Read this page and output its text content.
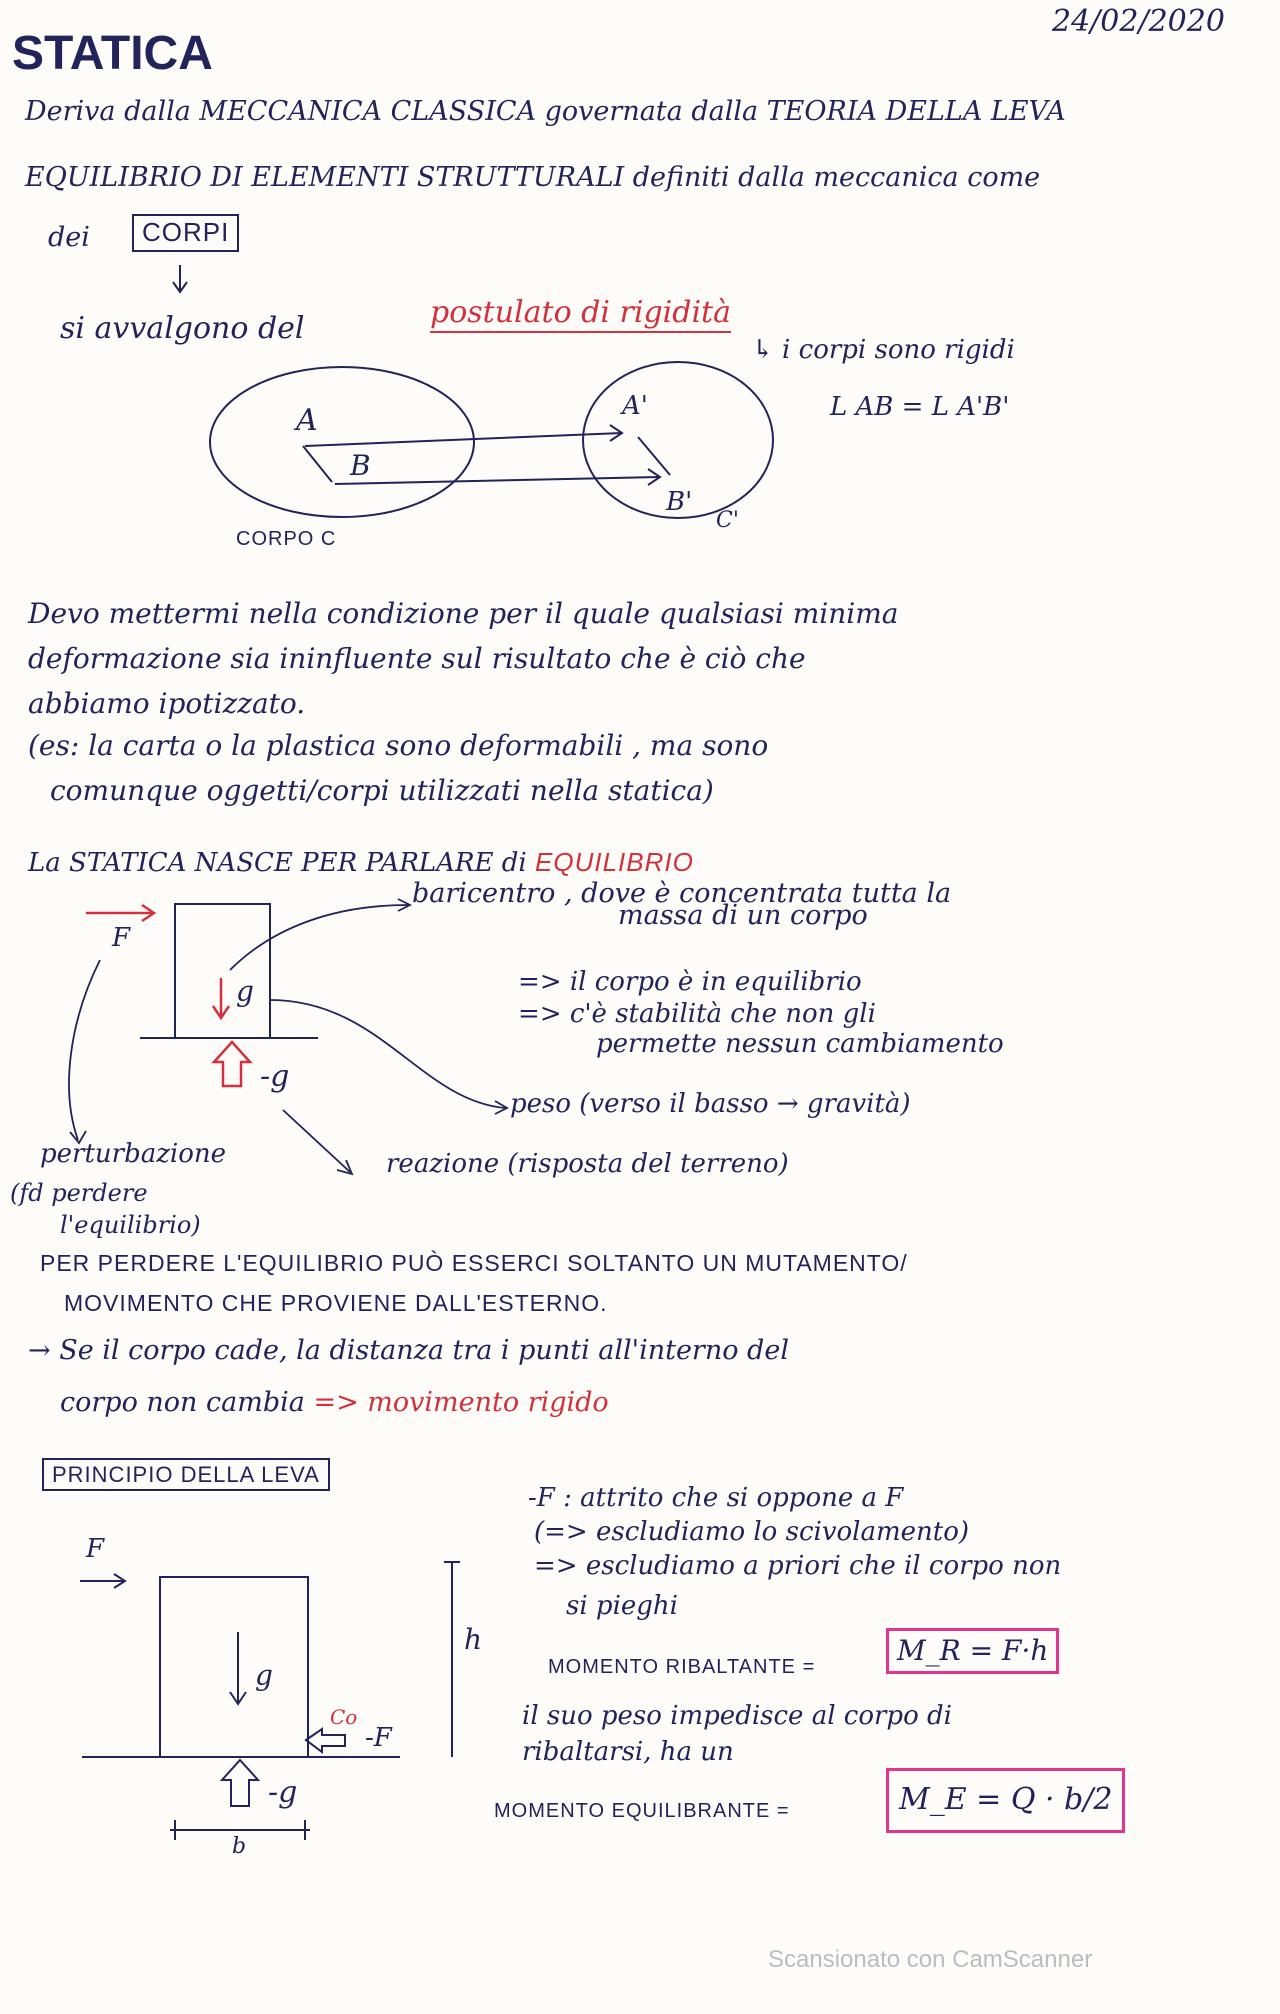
24/02/2020
STATICA
Deriva dalla MECCANICA CLASSICA governata dalla TEORIA DELLA LEVA
EQUILIBRIO DI ELEMENTI STRUTTURALI definiti dalla meccanica come
dei	CORPI
si avvalgono del	postulato di rigidità
↳ i corpi sono rigidi
L AB = L A'B'
A
B
A'
B'
C'
CORPO C
Devo mettermi nella condizione per il quale qualsiasi minima
deformazione sia ininfluente sul risultato che è ciò che
abbiamo ipotizzato.
(es: la carta o la plastica sono deformabili , ma sono
comunque oggetti/corpi utilizzati nella statica)
La STATICA NASCE PER PARLARE di EQUILIBRIO
F
g
-g
baricentro , dove è concentrata tutta la
massa di un corpo
=> il corpo è in equilibrio
=> c'è stabilità che non gli
permette nessun cambiamento
peso (verso il basso → gravità)
reazione (risposta del terreno)
perturbazione
(fd perdere
l'equilibrio)
PER PERDERE L'EQUILIBRIO PUÒ ESSERCI SOLTANTO UN MUTAMENTO/
MOVIMENTO CHE PROVIENE DALL'ESTERNO.
→ Se il corpo cade, la distanza tra i punti all'interno del
corpo non cambia => movimento rigido
PRINCIPIO DELLA LEVA
F
g
-g
h
b
Co
-F
-F : attrito che si oppone a F
(=> escludiamo lo scivolamento)
=> escludiamo a priori che il corpo non
si pieghi
MOMENTO RIBALTANTE =	M_R = F·h
il suo peso impedisce al corpo di
ribaltarsi, ha un
MOMENTO EQUILIBRANTE =	M_E = Q · b/2
Scansionato con CamScanner
